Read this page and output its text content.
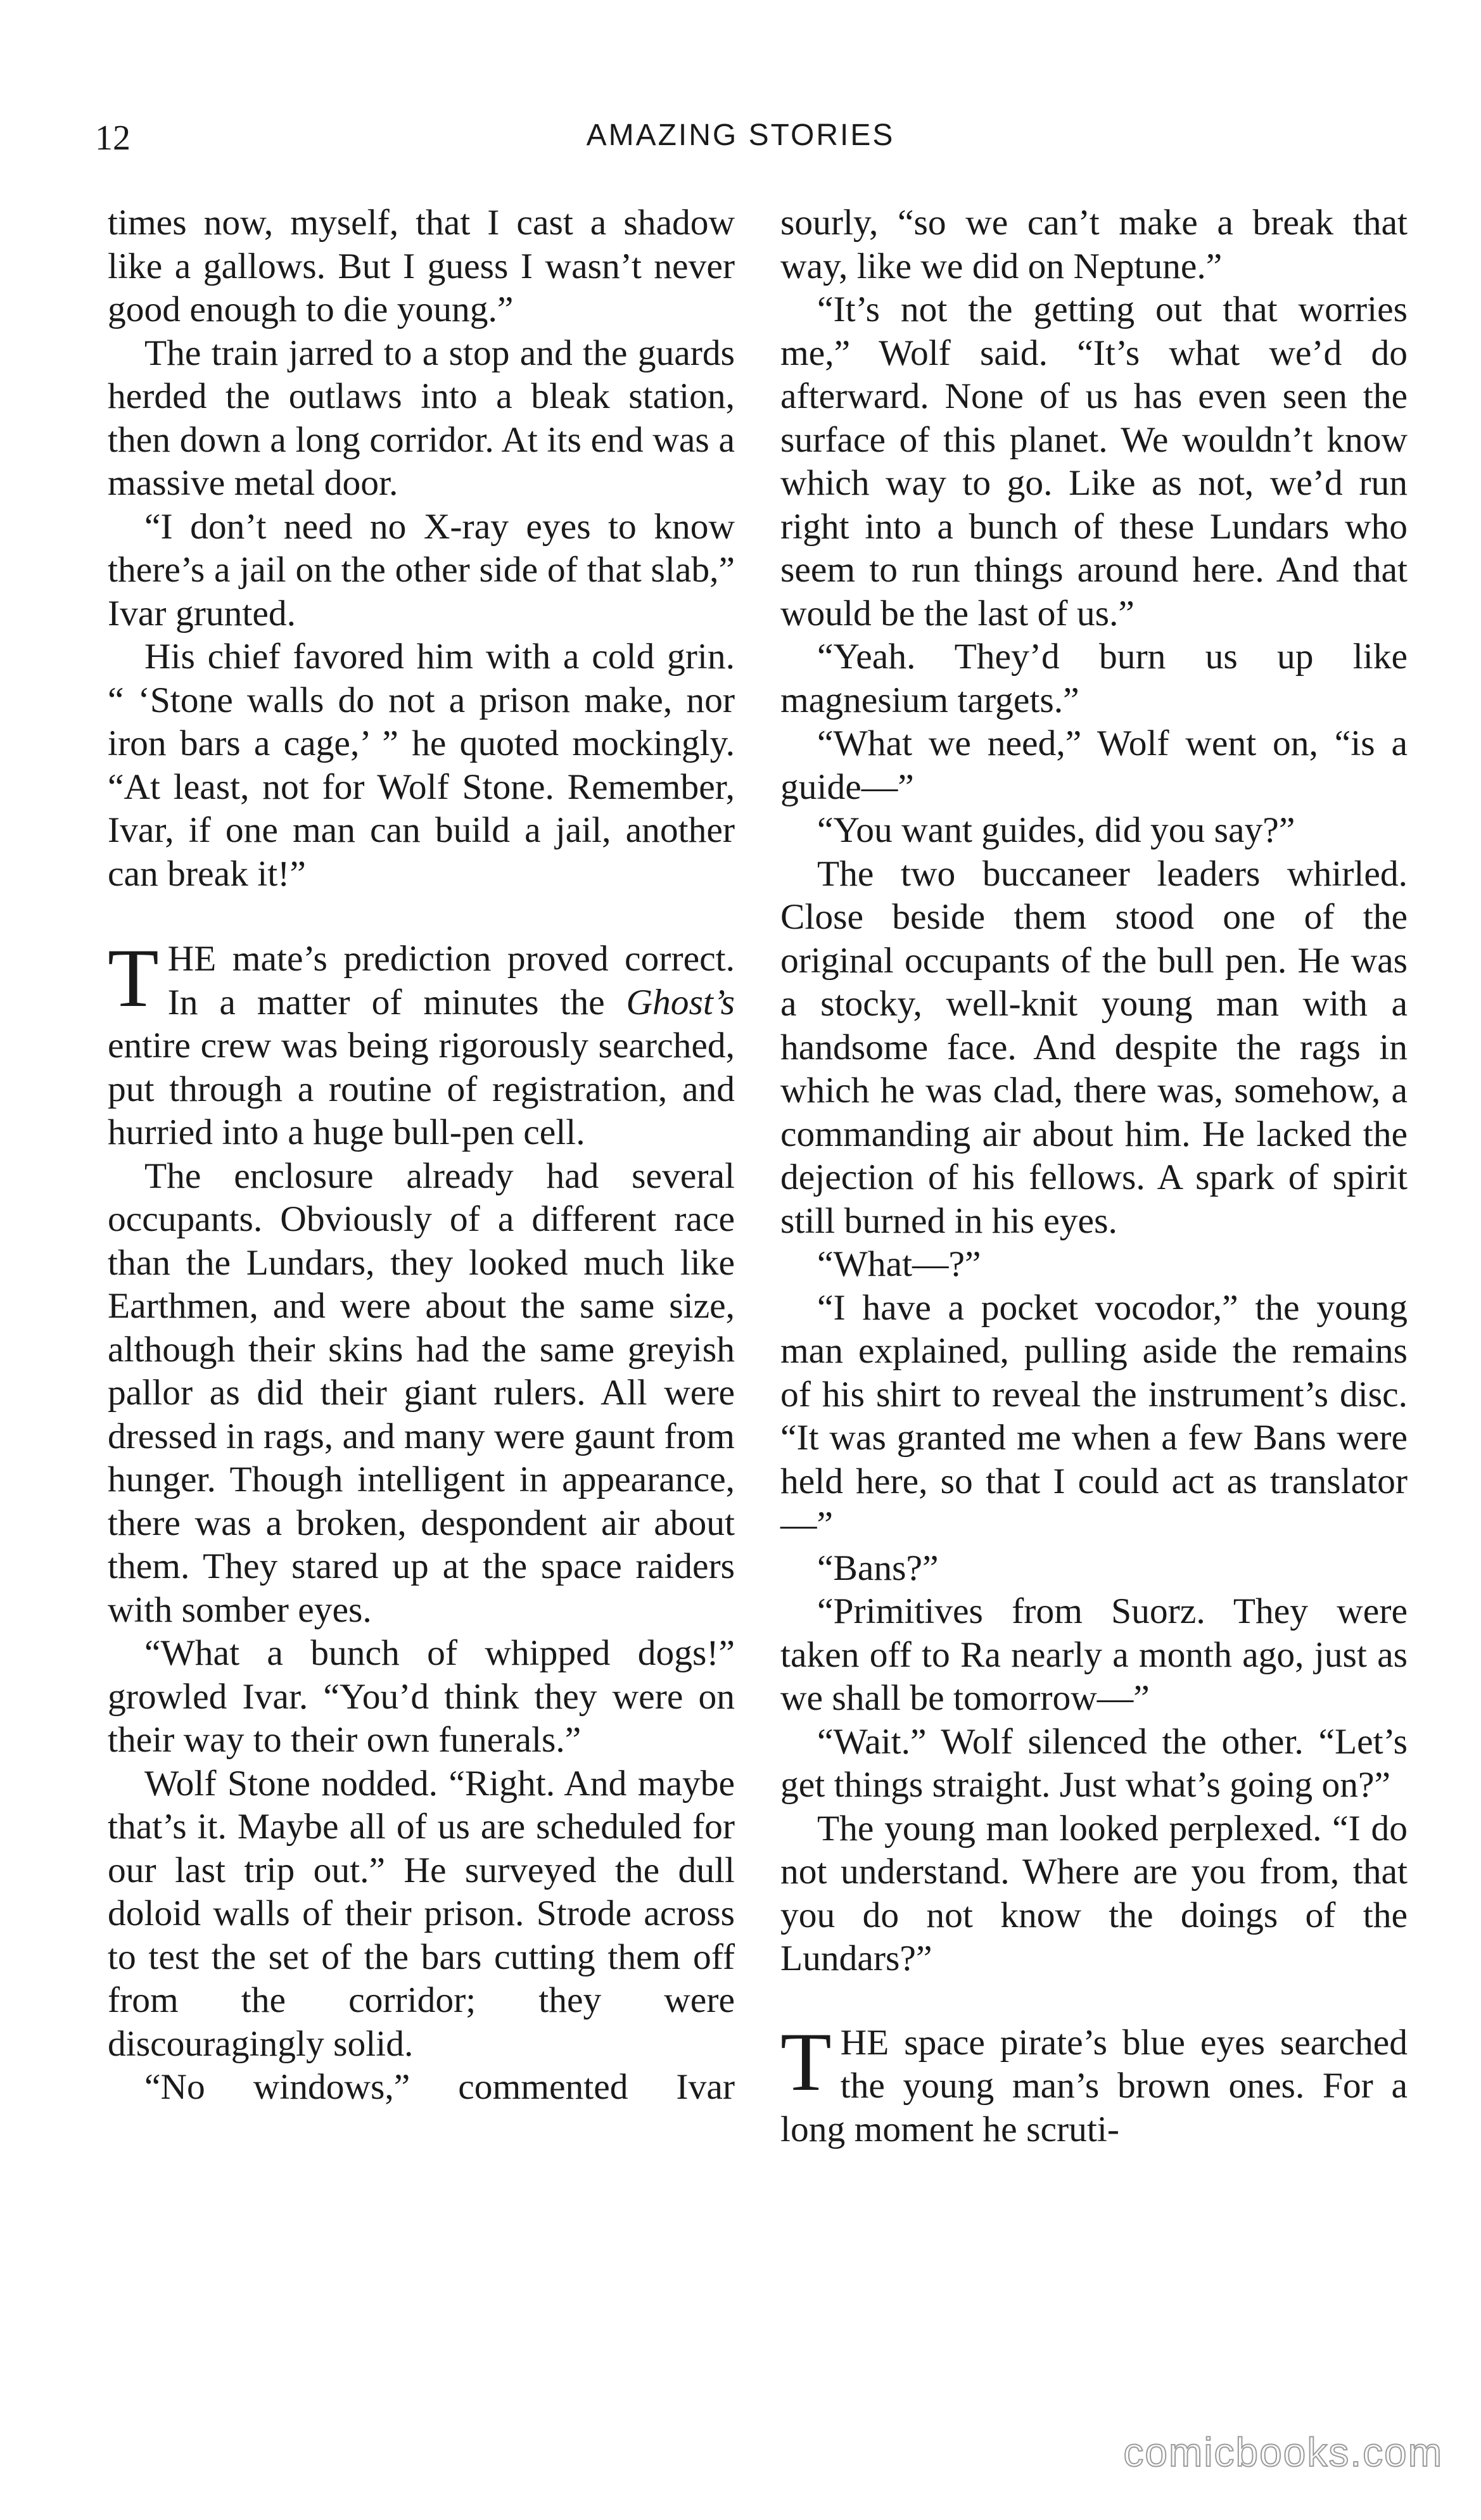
12	AMAZING STORIES

times now, myself, that I cast a shadow like a gallows. But I guess I wasn’t never good enough to die young.”

The train jarred to a stop and the guards herded the outlaws into a bleak station, then down a long corridor. At its end was a massive metal door.

“I don’t need no X-ray eyes to know there’s a jail on the other side of that slab,” Ivar grunted.

His chief favored him with a cold grin. “ ‘Stone walls do not a prison make, nor iron bars a cage,’ ” he quoted mockingly. “At least, not for Wolf Stone. Remember, Ivar, if one man can build a jail, another can break it!”

THE mate’s prediction proved correct. In a matter of minutes the Ghost’s entire crew was being rigorously searched, put through a routine of registration, and hurried into a huge bull-pen cell.

The enclosure already had several occupants. Obviously of a different race than the Lundars, they looked much like Earthmen, and were about the same size, although their skins had the same greyish pallor as did their giant rulers. All were dressed in rags, and many were gaunt from hunger. Though intelligent in appearance, there was a broken, despondent air about them. They stared up at the space raiders with somber eyes.

“What a bunch of whipped dogs!” growled Ivar. “You’d think they were on their way to their own funerals.”

Wolf Stone nodded. “Right. And maybe that’s it. Maybe all of us are scheduled for our last trip out.” He surveyed the dull doloid walls of their prison. Strode across to test the set of the bars cutting them off from the corridor; they were discouragingly solid.

“No windows,” commented Ivar

sourly, “so we can’t make a break that way, like we did on Neptune.”

“It’s not the getting out that worries me,” Wolf said. “It’s what we’d do afterward. None of us has even seen the surface of this planet. We wouldn’t know which way to go. Like as not, we’d run right into a bunch of these Lundars who seem to run things around here. And that would be the last of us.”

“Yeah. They’d burn us up like magnesium targets.”

“What we need,” Wolf went on, “is a guide—”

“You want guides, did you say?”

The two buccaneer leaders whirled. Close beside them stood one of the original occupants of the bull pen. He was a stocky, well-knit young man with a handsome face. And despite the rags in which he was clad, there was, somehow, a commanding air about him. He lacked the dejection of his fellows. A spark of spirit still burned in his eyes.

“What—?”

“I have a pocket vocodor,” the young man explained, pulling aside the remains of his shirt to reveal the instrument’s disc. “It was granted me when a few Bans were held here, so that I could act as translator—”

“Bans?”

“Primitives from Suorz. They were taken off to Ra nearly a month ago, just as we shall be tomorrow—”

“Wait.” Wolf silenced the other. “Let’s get things straight. Just what’s going on?”

The young man looked perplexed. “I do not understand. Where are you from, that you do not know the doings of the Lundars?”

THE space pirate’s blue eyes searched the young man’s brown ones. For a long moment he scruti-

comicbooks.com
